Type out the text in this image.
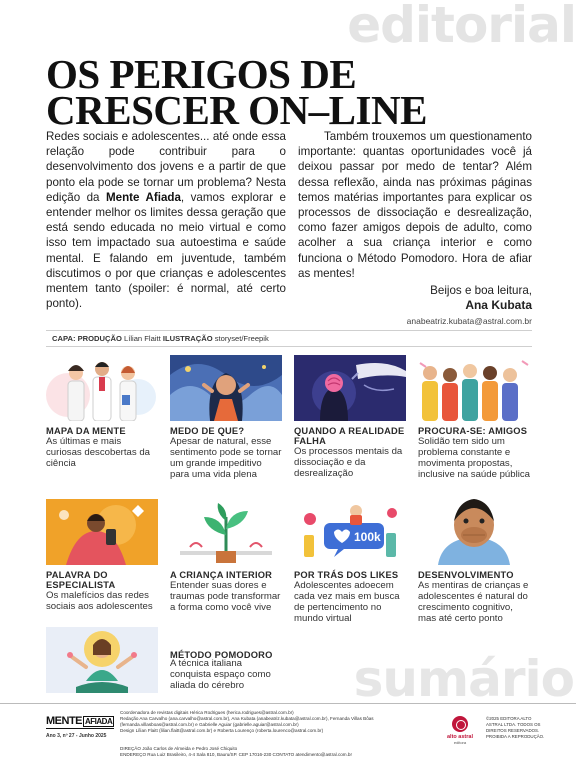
editorial
sumário
OS PERIGOS DE
CRESCER ON–LINE

Redes sociais e adolescentes... até onde essa relação pode contribuir para o desenvolvimento dos jovens e a partir de que ponto ela pode se tornar um problema? Nesta edição da Mente Afiada, vamos explorar e entender melhor os limites dessa geração que está sendo educada no meio virtual e como isso tem impactado sua autoestima e saúde mental. E falando em juventude, também discutimos o por que crianças e adolescentes mentem tanto (spoiler: é normal, até certo ponto).

Também trouxemos um questionamento importante: quantas oportunidades você já deixou passar por medo de tentar? Além dessa reflexão, ainda nas próximas páginas temos matérias importantes para explicar os processos de dissociação e desrealização, como fazer amigos depois de adulto, como acolher a sua criança interior e como funciona o Método Pomodoro. Hora de afiar as mentes!

Beijos e boa leitura,
Ana Kubata
anabeatriz.kubata@astral.com.br
CAPA: PRODUÇÃO Lílian Flaitt ILUSTRAÇÃO storyset/Freepik
MAPA DA MENTE
As últimas e mais curiosas descobertas da ciência
MEDO DE QUE?
Apesar de natural, esse sentimento pode se tornar um grande impeditivo para uma vida plena
QUANDO A REALIDADE FALHA
Os processos mentais da dissociação e da desrealização
PROCURA-SE: AMIGOS
Solidão tem sido um problema constante e movimenta propostas, inclusive na saúde pública
PALAVRA DO ESPECIALISTA
Os malefícios das redes sociais aos adolescentes
A CRIANÇA INTERIOR
Entender suas dores e traumas pode transformar a forma como você vive
100k
POR TRÁS DOS LIKES
Adolescentes adoecem cada vez mais em busca de pertencimento no mundo virtual
DESENVOLVIMENTO
As mentiras de crianças e adolescentes é natural do crescimento cognitivo, mas até certo ponto
MÉTODO POMODORO
A técnica italiana conquista espaço como aliada do cérebro
MENTE AFIADA
Ano 3, nº 27 - Junho 2025
Coordenadora de revistas digitais Hérica Rodrigues (herica.rodrigues@astral.com.br)
Redação Ana Carvalho (ana.carvalho@astral.com.br), Ana Kubata (anabeatriz.kubata@astral.com.br), Fernanda Villas Bôas (fernanda.villasboas@astral.com.br) e Gabrielle Aguiar (gabrielle.aguiar@astral.com.br)
Design Lílian Flaitt (lilian.flaitt@astral.com.br) e Roberta Lourenço (roberta.lourenco@astral.com.br)
DIREÇÃO João Carlos de Almeida e Pedro José Chiquito
ENDEREÇO Rua Luiz Brasileiro, 4-4 Sala 810, Bauru/SP. CEP 17016-230 CONTATO atendimento@astral.com.br
alto astral
editora
©2025 EDITORA ALTO ASTRAL LTDA. TODOS OS DIREITOS RESERVADOS. PROIBIDA A REPRODUÇÃO.
